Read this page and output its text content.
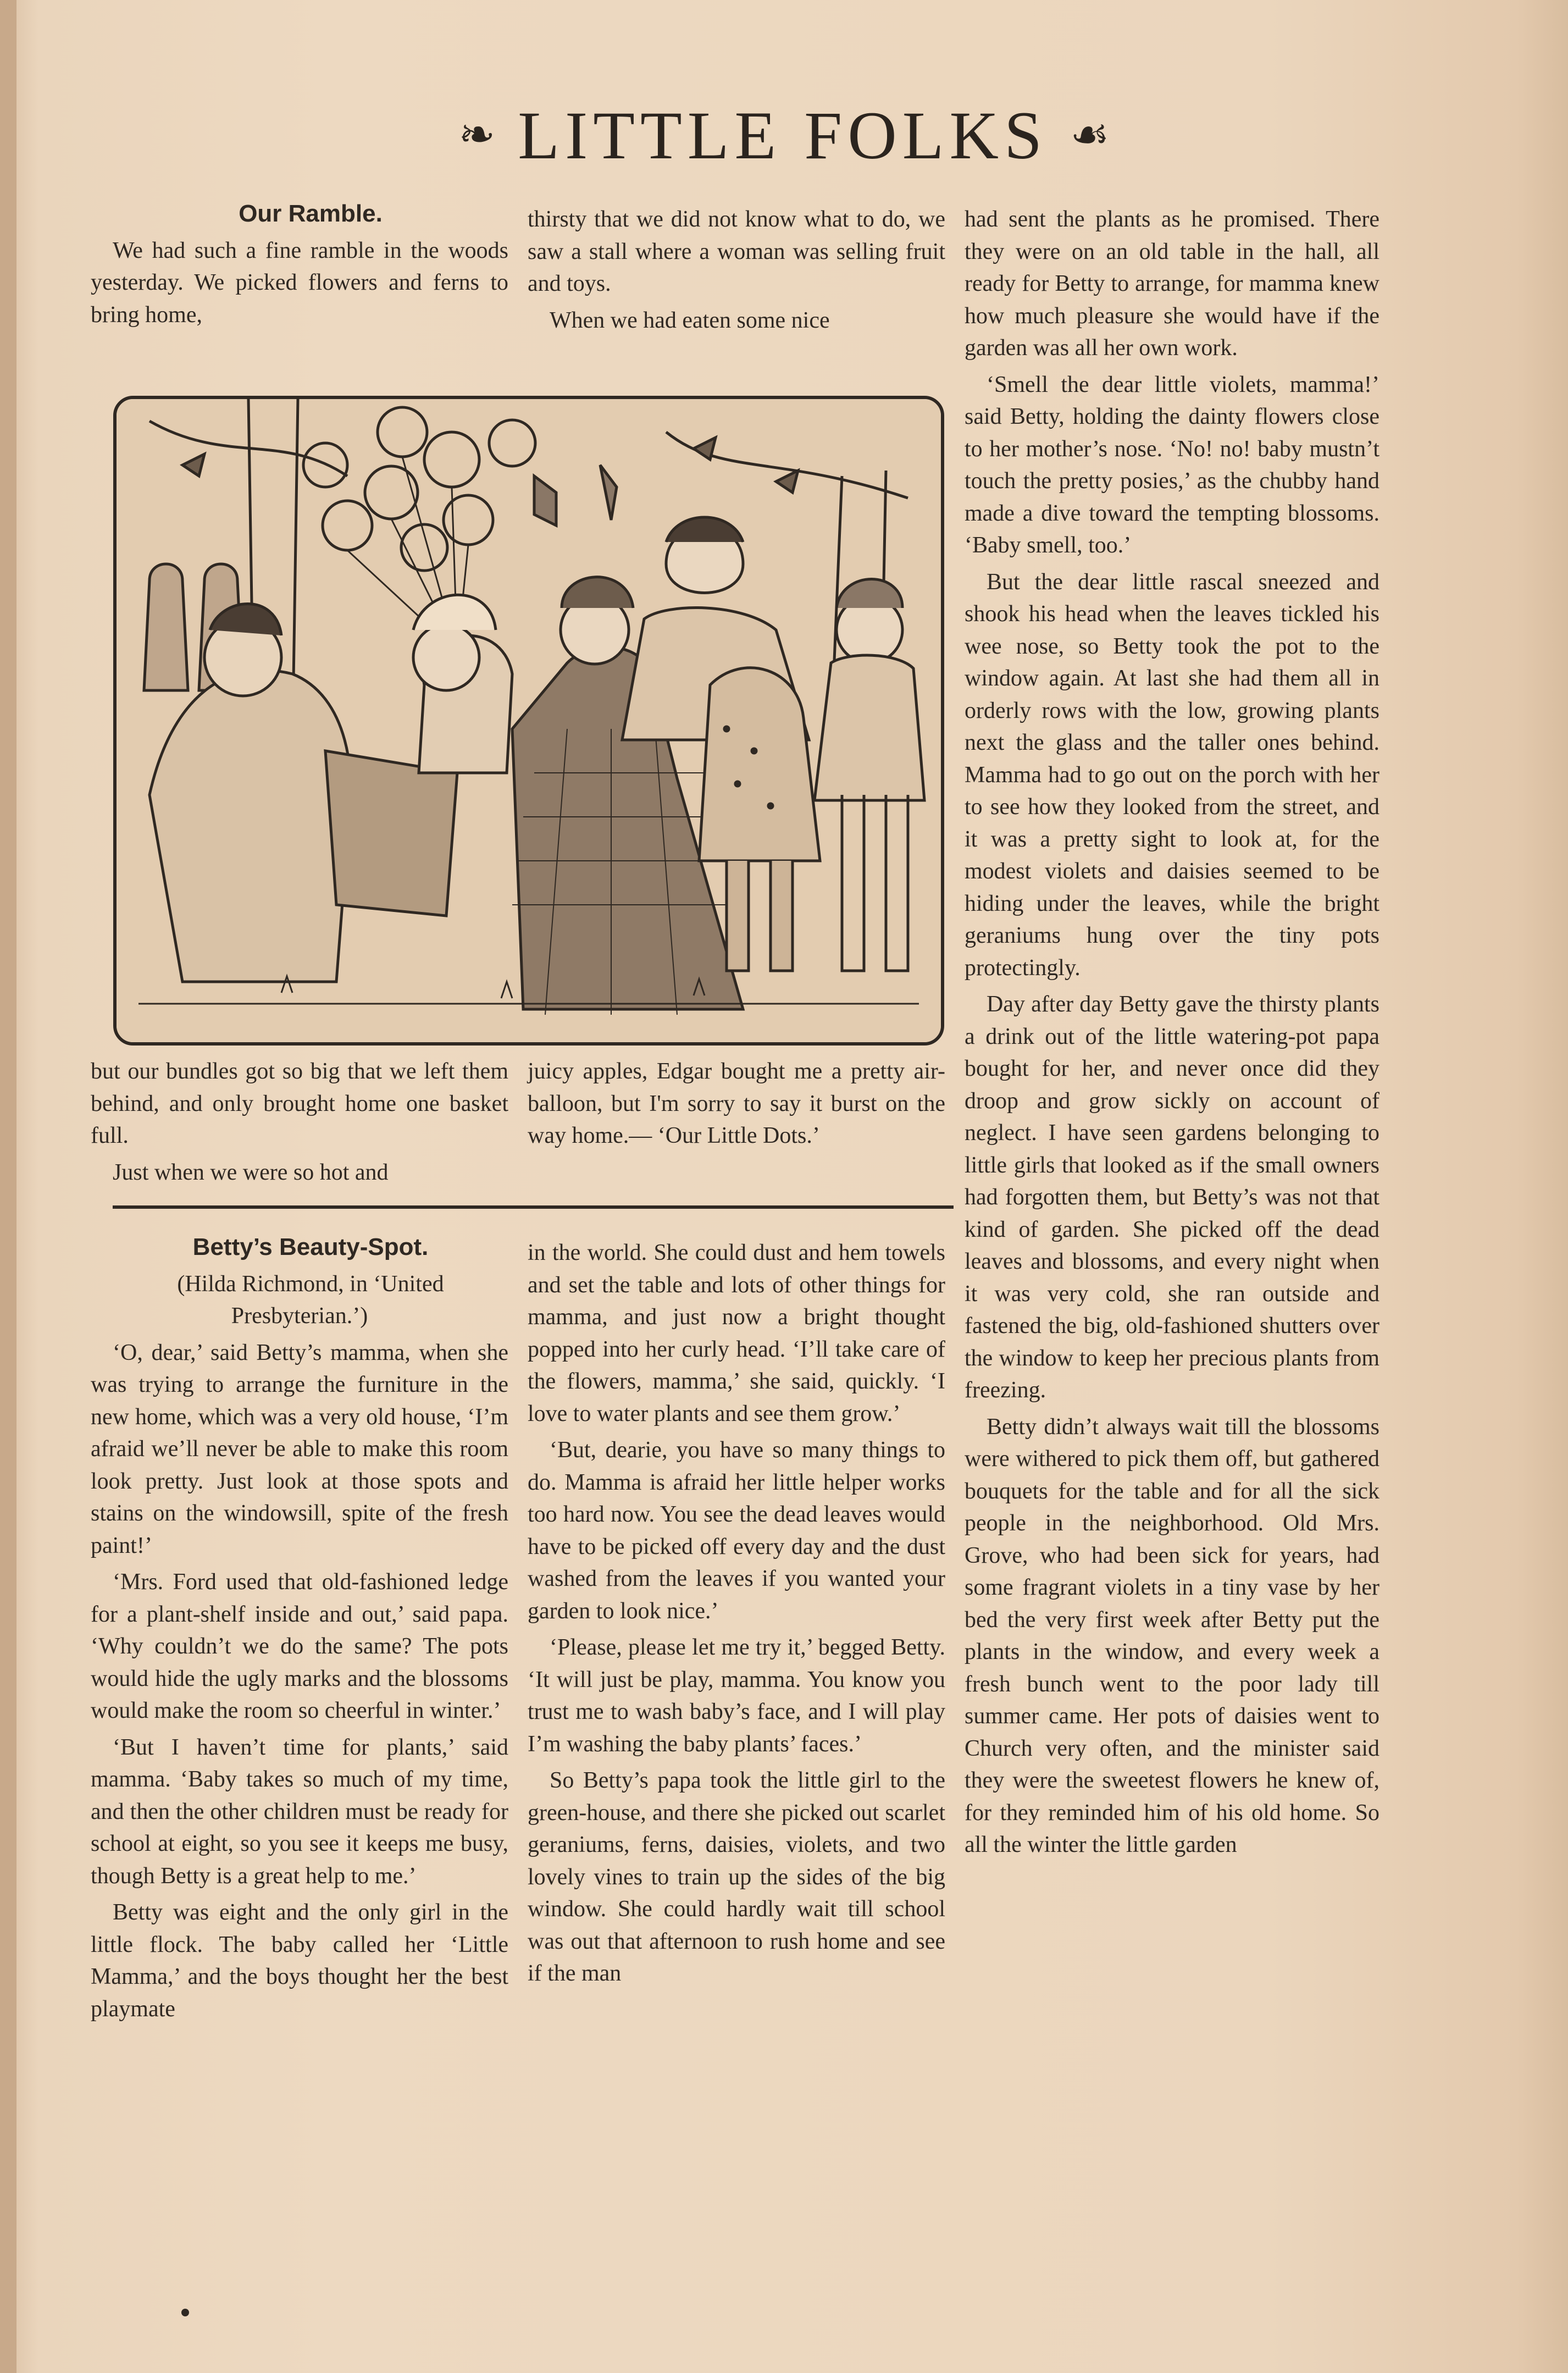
❧ LITTLE FOLKS ☙

Our Ramble.

We had such a fine ramble in the woods yesterday. We picked flowers and ferns to bring home,

thirsty that we did not know what to do, we saw a stall where a woman was selling fruit and toys.

When we had eaten some nice

but our bundles got so big that we left them behind, and only brought home one basket full.

Just when we were so hot and

juicy apples, Edgar bought me a pretty air-balloon, but I'm sorry to say it burst on the way home.— ‘Our Little Dots.’

Betty’s Beauty-Spot.

(Hilda Richmond, in ‘United Presbyterian.’)

‘O, dear,’ said Betty’s mamma, when she was trying to arrange the furniture in the new home, which was a very old house, ‘I’m afraid we’ll never be able to make this room look pretty. Just look at those spots and stains on the windowsill, spite of the fresh paint!’

‘Mrs. Ford used that old-fashioned ledge for a plant-shelf inside and out,’ said papa. ‘Why couldn’t we do the same? The pots would hide the ugly marks and the blossoms would make the room so cheerful in winter.’

‘But I haven’t time for plants,’ said mamma. ‘Baby takes so much of my time, and then the other children must be ready for school at eight, so you see it keeps me busy, though Betty is a great help to me.’

Betty was eight and the only girl in the little flock. The baby called her ‘Little Mamma,’ and the boys thought her the best playmate

in the world. She could dust and hem towels and set the table and lots of other things for mamma, and just now a bright thought popped into her curly head. ‘I’ll take care of the flowers, mamma,’ she said, quickly. ‘I love to water plants and see them grow.’

‘But, dearie, you have so many things to do. Mamma is afraid her little helper works too hard now. You see the dead leaves would have to be picked off every day and the dust washed from the leaves if you wanted your garden to look nice.’

‘Please, please let me try it,’ begged Betty. ‘It will just be play, mamma. You know you trust me to wash baby’s face, and I will play I’m washing the baby plants’ faces.’

So Betty’s papa took the little girl to the green-house, and there she picked out scarlet geraniums, ferns, daisies, violets, and two lovely vines to train up the sides of the big window. She could hardly wait till school was out that afternoon to rush home and see if the man

had sent the plants as he promised. There they were on an old table in the hall, all ready for Betty to arrange, for mamma knew how much pleasure she would have if the garden was all her own work.

‘Smell the dear little violets, mamma!’ said Betty, holding the dainty flowers close to her mother’s nose. ‘No! no! baby mustn’t touch the pretty posies,’ as the chubby hand made a dive toward the tempting blossoms. ‘Baby smell, too.’

But the dear little rascal sneezed and shook his head when the leaves tickled his wee nose, so Betty took the pot to the window again. At last she had them all in orderly rows with the low, growing plants next the glass and the taller ones behind. Mamma had to go out on the porch with her to see how they looked from the street, and it was a pretty sight to look at, for the modest violets and daisies seemed to be hiding under the leaves, while the bright geraniums hung over the tiny pots protectingly.

Day after day Betty gave the thirsty plants a drink out of the little watering-pot papa bought for her, and never once did they droop and grow sickly on account of neglect. I have seen gardens belonging to little girls that looked as if the small owners had forgotten them, but Betty’s was not that kind of garden. She picked off the dead leaves and blossoms, and every night when it was very cold, she ran outside and fastened the big, old-fashioned shutters over the window to keep her precious plants from freezing.

Betty didn’t always wait till the blossoms were withered to pick them off, but gathered bouquets for the table and for all the sick people in the neighborhood. Old Mrs. Grove, who had been sick for years, had some fragrant violets in a tiny vase by her bed the very first week after Betty put the plants in the window, and every week a fresh bunch went to the poor lady till summer came. Her pots of daisies went to Church very often, and the minister said they were the sweetest flowers he knew of, for they reminded him of his old home. So all the winter the little garden
